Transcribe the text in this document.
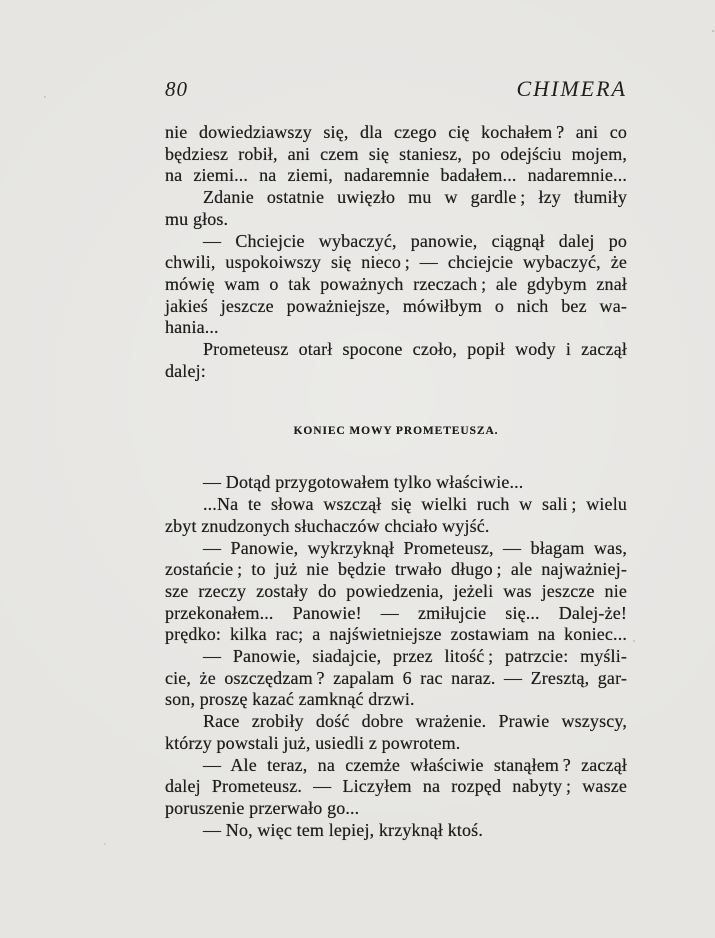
80	CHIMERA
nie dowiedziawszy się, dla czego cię kochałem ? ani co
będziesz robił, ani czem się staniesz, po odejściu mojem,
na ziemi... na ziemi, nadaremnie badałem... nadaremnie...
Zdanie ostatnie uwięzło mu w gardle ; łzy tłumiły
mu głos.
— Chciejcie wybaczyć, panowie, ciągnął dalej po
chwili, uspokoiwszy się nieco ; — chciejcie wybaczyć, że
mówię wam o tak poważnych rzeczach ; ale gdybym znał
jakieś jeszcze poważniejsze, mówiłbym o nich bez wa-
hania...
Prometeusz otarł spocone czoło, popił wody i zaczął
dalej:
KONIEC MOWY PROMETEUSZA.
— Dotąd przygotowałem tylko właściwie...
...Na te słowa wszczął się wielki ruch w sali ; wielu
zbyt znudzonych słuchaczów chciało wyjść.
— Panowie, wykrzyknął Prometeusz, — błagam was,
zostańcie ; to już nie będzie trwało długo ; ale najważniej-
sze rzeczy zostały do powiedzenia, jeżeli was jeszcze nie
przekonałem... Panowie! — zmiłujcie się... Dalej-że!
prędko: kilka rac; a najświetniejsze zostawiam na koniec...
— Panowie, siadajcie, przez litość ; patrzcie: myśli-
cie, że oszczędzam ? zapalam 6 rac naraz. — Zresztą, gar-
son, proszę kazać zamknąć drzwi.
Race zrobiły dość dobre wrażenie. Prawie wszyscy,
którzy powstali już, usiedli z powrotem.
— Ale teraz, na czemże właściwie stanąłem ? zaczął
dalej Prometeusz. — Liczyłem na rozpęd nabyty ; wasze
poruszenie przerwało go...
— No, więc tem lepiej, krzyknął ktoś.
